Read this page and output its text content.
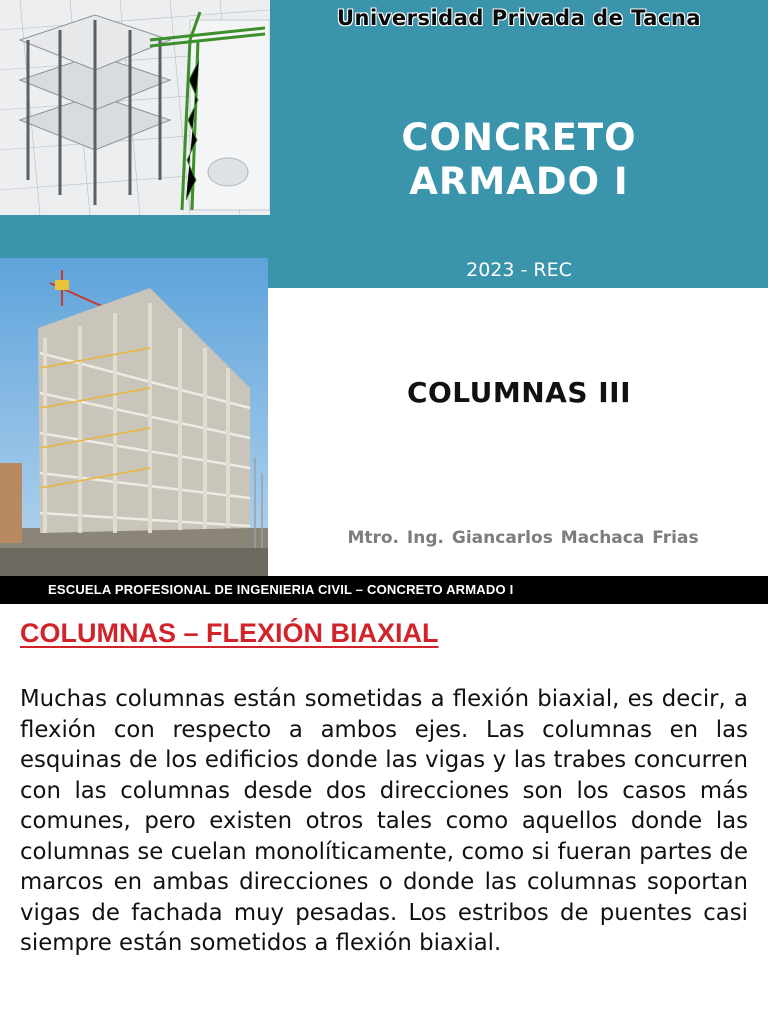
Universidad Privada de Tacna
CONCRETO
ARMADO I
2023 - REC
COLUMNAS III
Mtro. Ing. Giancarlos Machaca Frias
ESCUELA PROFESIONAL DE INGENIERIA CIVIL – CONCRETO ARMADO I
COLUMNAS – FLEXIÓN BIAXIAL

Muchas columnas están sometidas a flexión biaxial, es decir, a flexión con respecto a ambos ejes. Las columnas en las esquinas de los edificios donde las vigas y las trabes concurren con las columnas desde dos direcciones son los casos más comunes, pero existen otros tales como aquellos donde las columnas se cuelan monolíticamente, como si fueran partes de marcos en ambas direcciones o donde las columnas soportan vigas de fachada muy pesadas. Los estribos de puentes casi siempre están sometidos a flexión biaxial.
